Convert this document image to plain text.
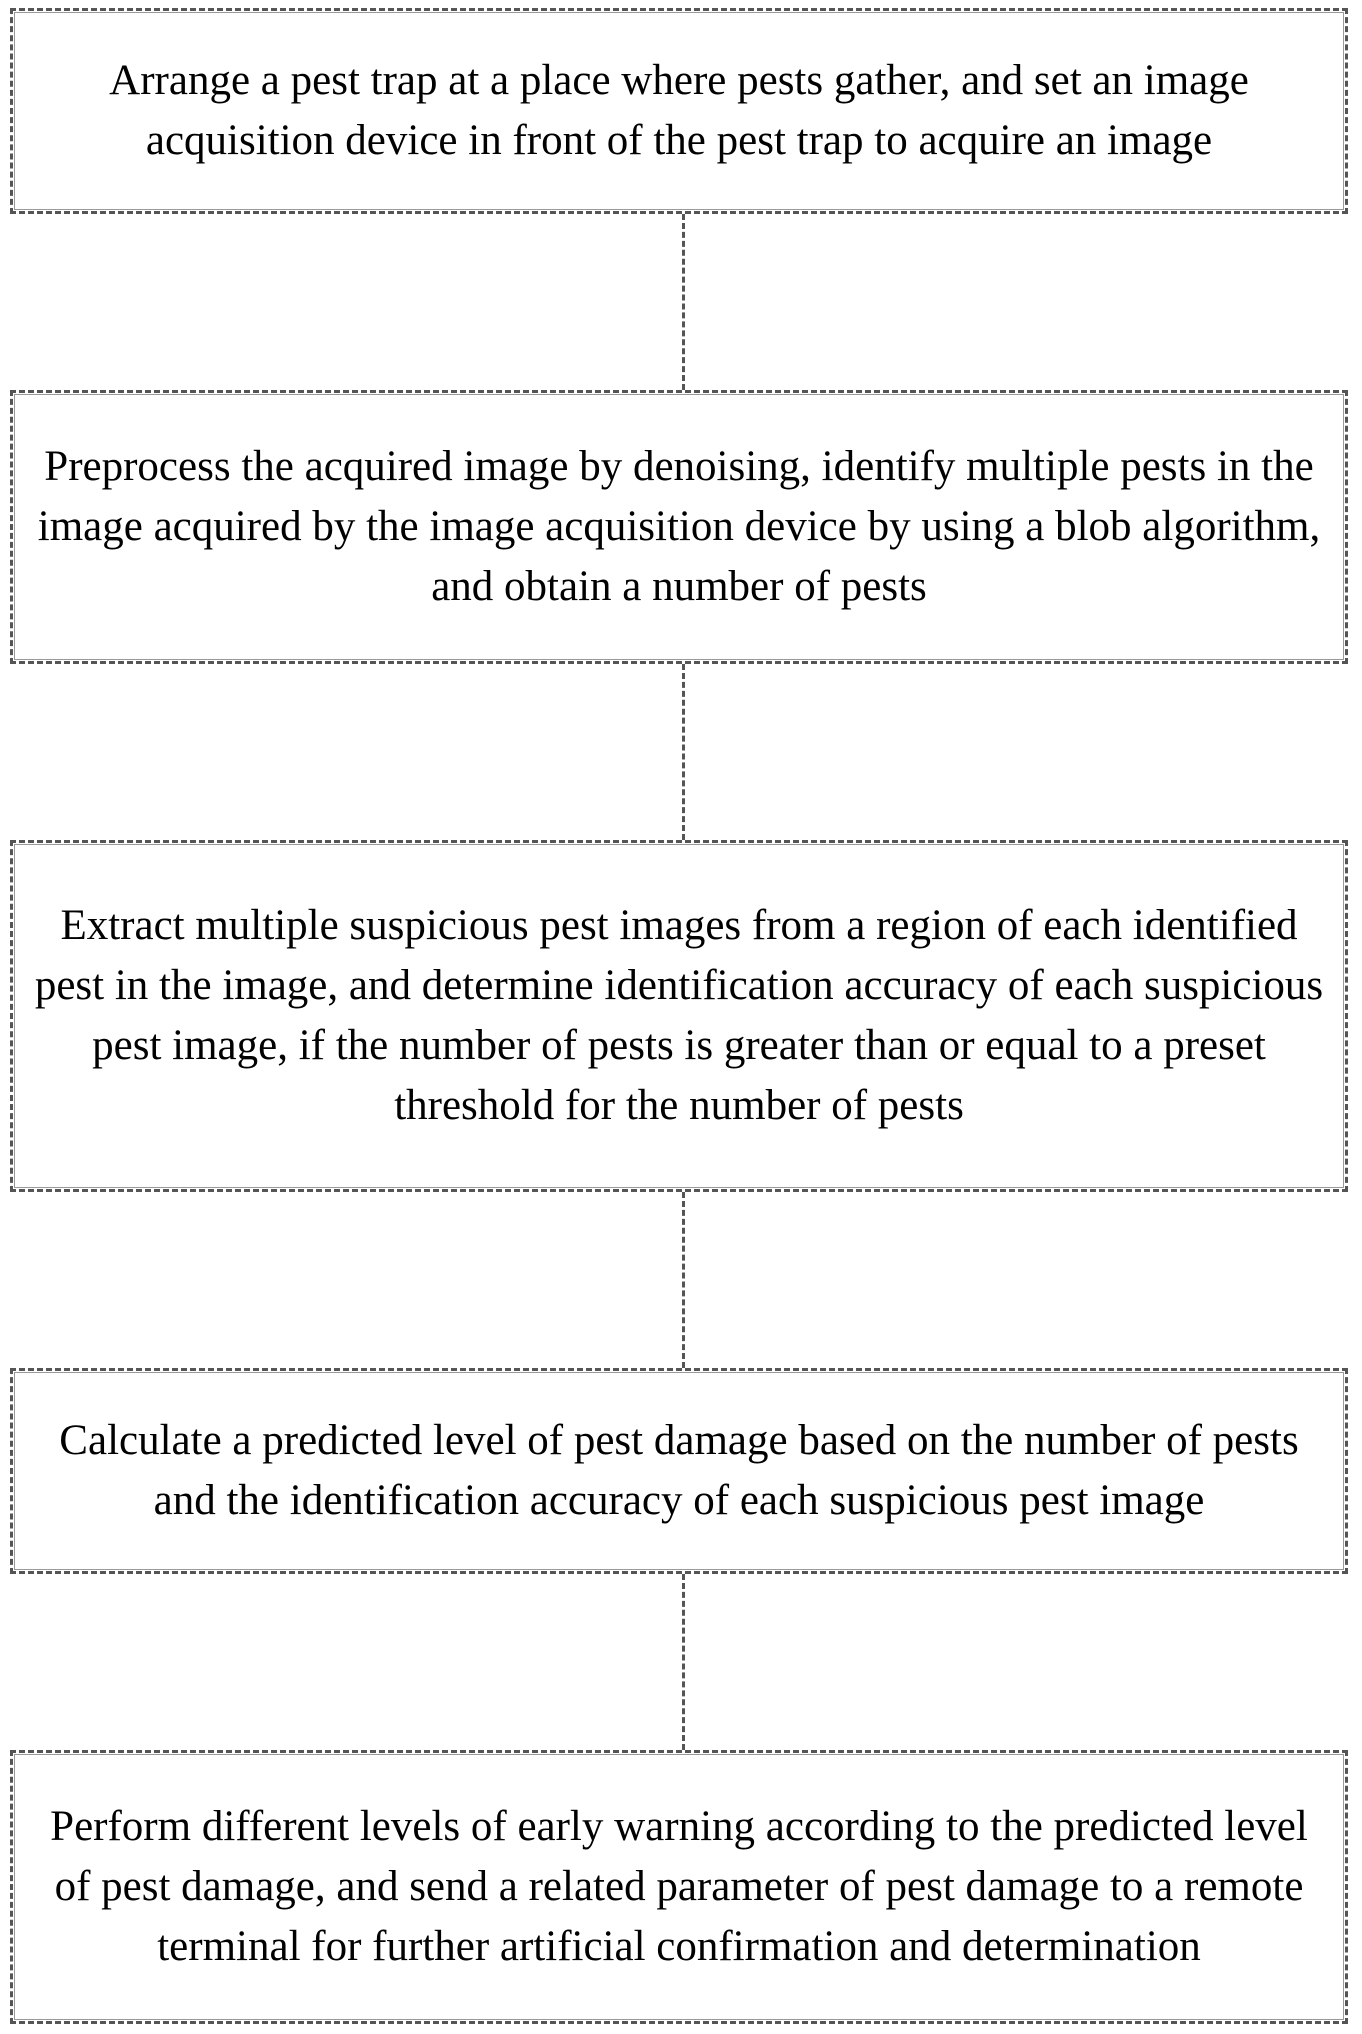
Arrange a pest trap at a place where pests gather, and set an image acquisition device in front of the pest trap to acquire an image
Preprocess the acquired image by denoising, identify multiple pests in the image acquired by the image acquisition device by using a blob algorithm, and obtain a number of pests
Extract multiple suspicious pest images from a region of each identified pest in the image, and determine identification accuracy of each suspicious pest image, if the number of pests is greater than or equal to a preset threshold for the number of pests
Calculate a predicted level of pest damage based on the number of pests and the identification accuracy of each suspicious pest image
Perform different levels of early warning according to the predicted level of pest damage, and send a related parameter of pest damage to a remote terminal for further artificial confirmation and determination
